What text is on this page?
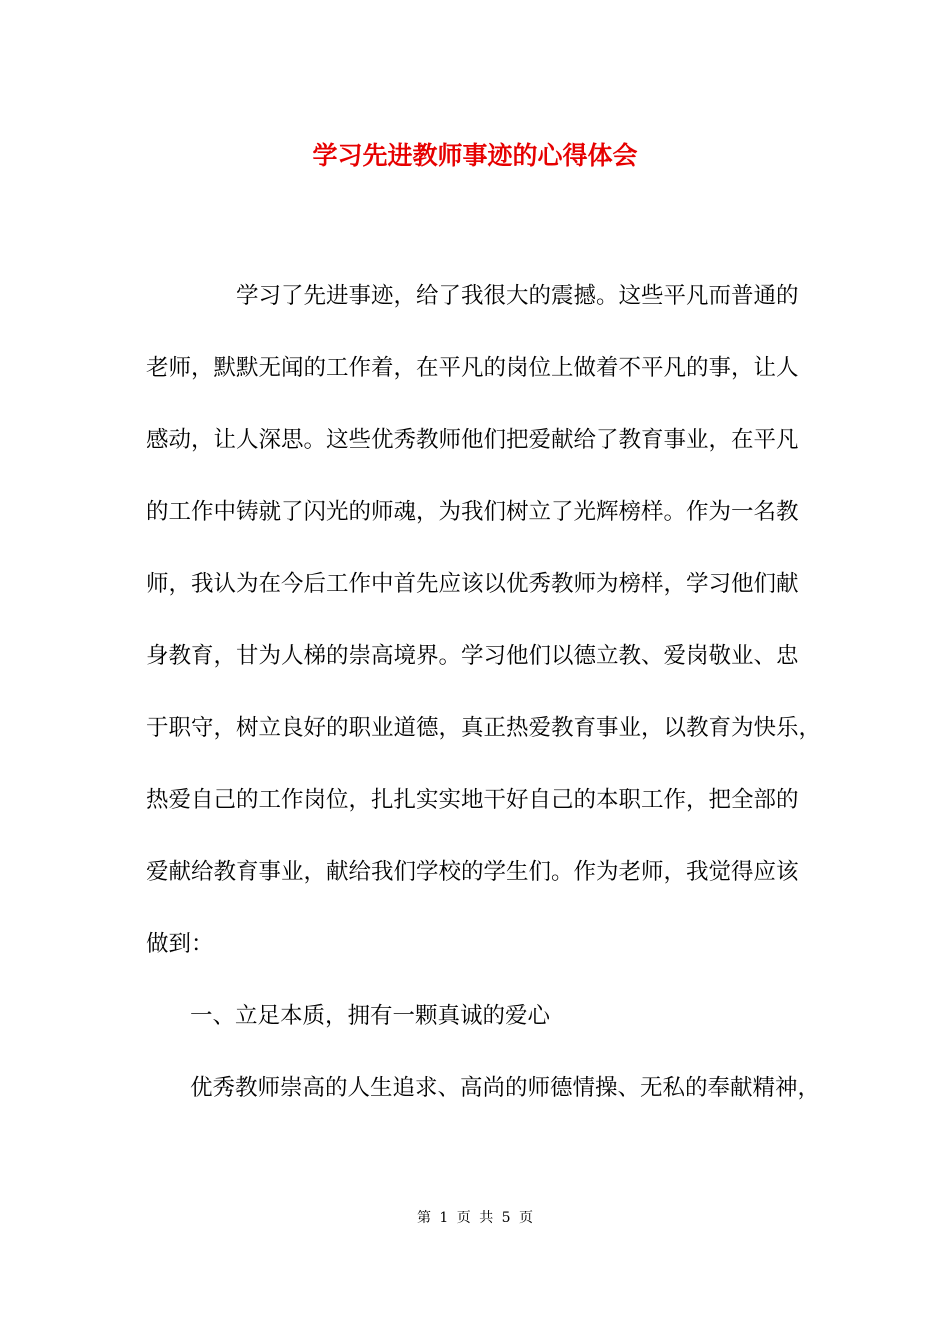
学习先进教师事迹的心得体会

学习了先进事迹，给了我很大的震撼。这些平凡而普通的

老师，默默无闻的工作着，在平凡的岗位上做着不平凡的事，让人

感动，让人深思。这些优秀教师他们把爱献给了教育事业，在平凡

的工作中铸就了闪光的师魂，为我们树立了光辉榜样。作为一名教

师，我认为在今后工作中首先应该以优秀教师为榜样，学习他们献

身教育，甘为人梯的崇高境界。学习他们以德立教、爱岗敬业、忠

于职守，树立良好的职业道德，真正热爱教育事业，以教育为快乐，

热爱自己的工作岗位，扎扎实实地干好自己的本职工作，把全部的

爱献给教育事业，献给我们学校的学生们。作为老师，我觉得应该

做到：

一、立足本质，拥有一颗真诚的爱心

优秀教师崇高的人生追求、高尚的师德情操、无私的奉献精神，

第 1 页 共 5 页
